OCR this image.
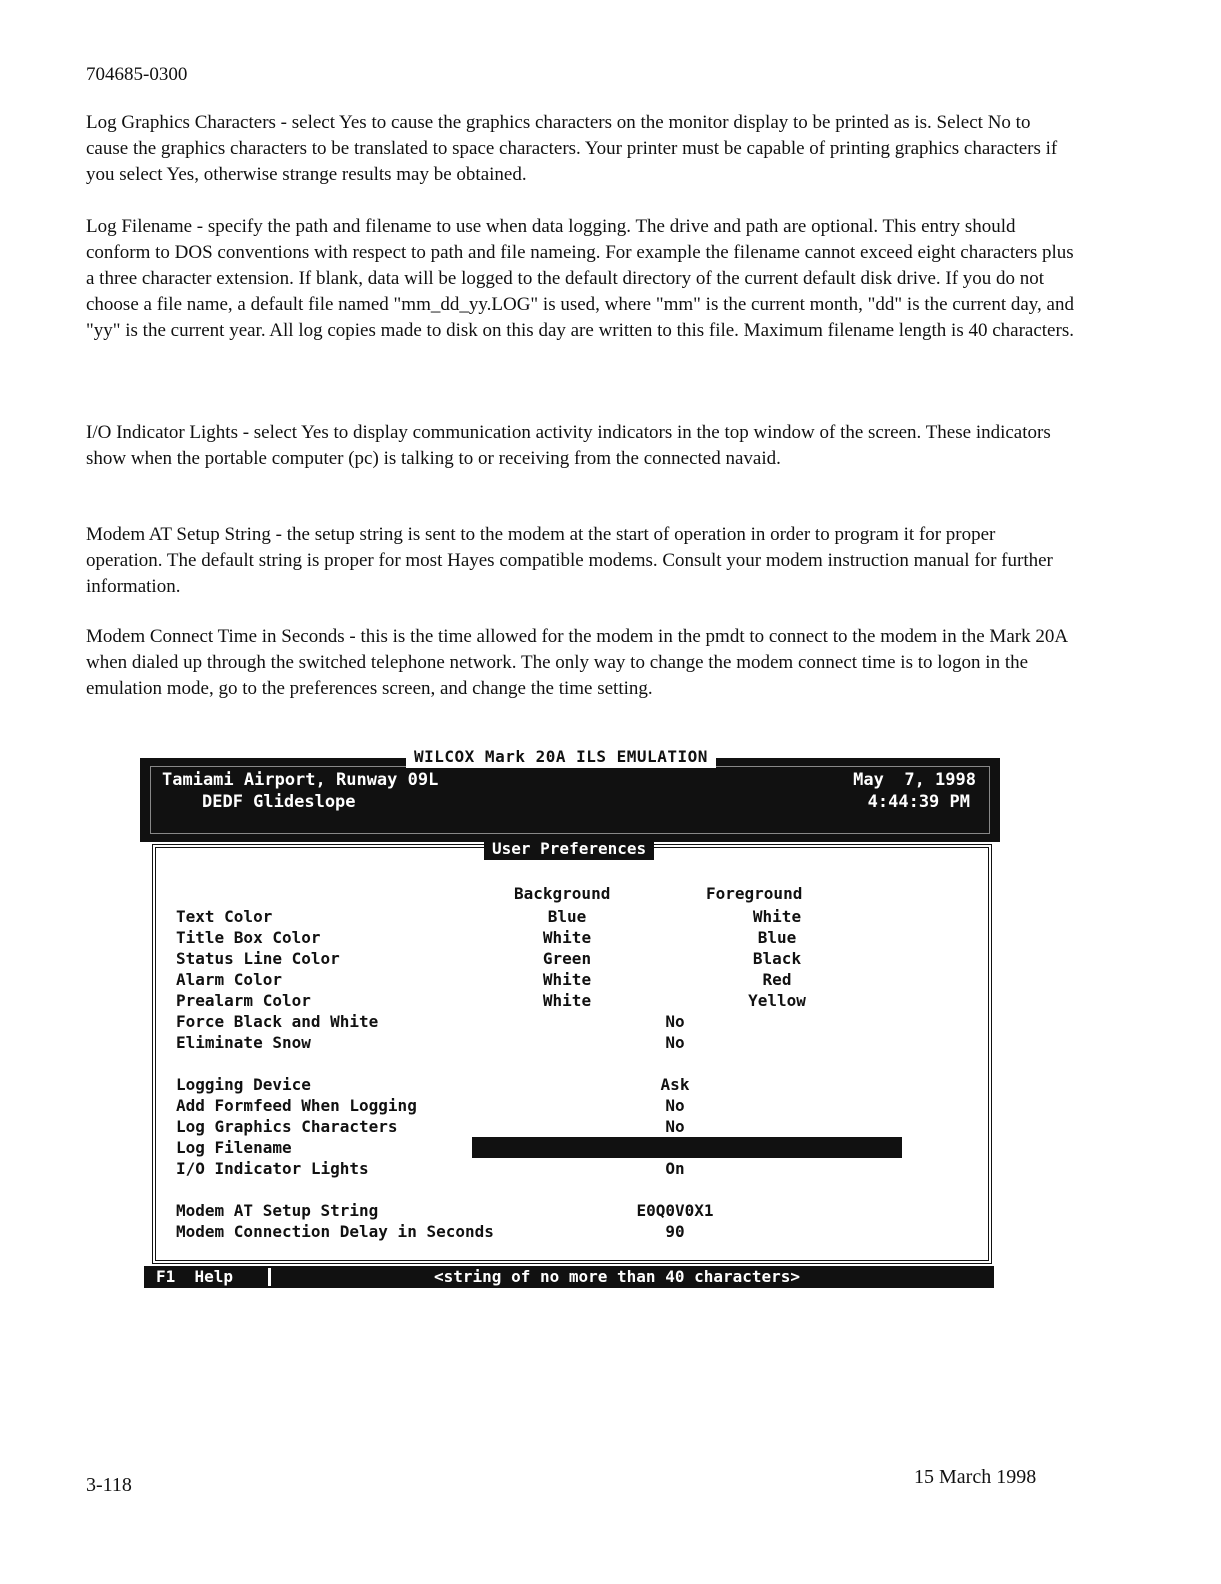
704685-0300

Log Graphics Characters - select Yes to cause the graphics characters on the monitor display to be printed as is. Select No to cause the graphics characters to be translated to space characters. Your printer must be capable of printing graphics characters if you select Yes, otherwise strange results may be obtained.

Log Filename - specify the path and filename to use when data logging. The drive and path are optional. This entry should conform to DOS conventions with respect to path and file nameing. For example the filename cannot exceed eight characters plus a three character extension. If blank, data will be logged to the default directory of the current default disk drive. If you do not choose a file name, a default file named "mm_dd_yy.LOG" is used, where "mm" is the current month, "dd" is the current day, and "yy" is the current year. All log copies made to disk on this day are written to this file. Maximum filename length is 40 characters.

I/O Indicator Lights - select Yes to display communication activity indicators in the top window of the screen. These indicators show when the portable computer (pc) is talking to or receiving from the connected navaid.

Modem AT Setup String - the setup string is sent to the modem at the start of operation in order to program it for proper operation. The default string is proper for most Hayes compatible modems. Consult your modem instruction manual for further information.

Modem Connect Time in Seconds - this is the time allowed for the modem in the pmdt to connect to the modem in the Mark 20A when dialed up through the switched telephone network. The only way to change the modem connect time is to logon in the emulation mode, go to the preferences screen, and change the time setting.

WILCOX Mark 20A ILS EMULATION
Tamiami Airport, Runway 09L
DEDF Glideslope
May  7, 1998
4:44:39 PM
User Preferences
Background	Foreground
Text Color	Blue	White
Title Box Color	White	Blue
Status Line Color	Green	Black
Alarm Color	White	Red
Prealarm Color	White	Yellow
Force Black and White	No
Eliminate Snow	No
Logging Device	Ask
Add Formfeed When Logging	No
Log Graphics Characters	No
Log Filename
I/O Indicator Lights	On
Modem AT Setup String	E0Q0V0X1
Modem Connection Delay in Seconds	90
F1  Help	<string of no more than 40 characters>
3-118	15 March 1998
